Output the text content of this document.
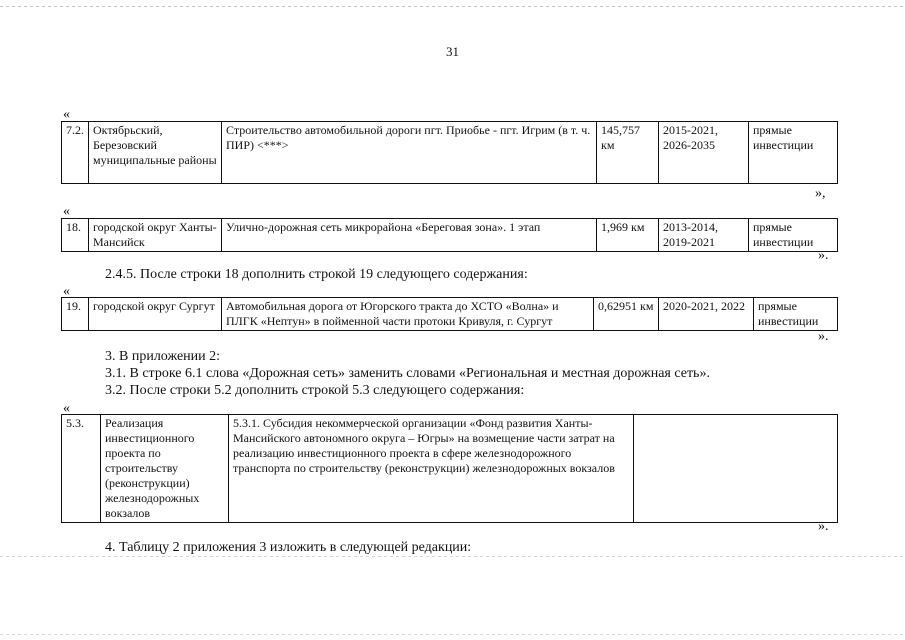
31
«
7.2.	Октябрьский, Березовский муниципальные районы	Строительство автомобильной дороги пгт. Приобье - пгт. Игрим (в т. ч. ПИР) <***>	145,757 км	2015-2021, 2026-2035	прямые инвестиции
»,
«
18.	городской округ Ханты-Мансийск	Улично-дорожная сеть микрорайона «Береговая зона». 1 этап	1,969 км	2013-2014, 2019-2021	прямые инвестиции
».
2.4.5. После строки 18 дополнить строкой 19 следующего содержания:
«
19.	городской округ Сургут	Автомобильная дорога от Югорского тракта до ХСТО «Волна» и ПЛГК «Нептун» в пойменной части протоки Кривуля, г. Сургут	0,62951 км	2020-2021, 2022	прямые инвестиции
».
3. В приложении 2:
3.1. В строке 6.1 слова «Дорожная сеть» заменить словами «Региональная и местная дорожная сеть».
3.2. После строки 5.2 дополнить строкой 5.3 следующего содержания:
«
5.3.	Реализация инвестиционного проекта по строительству (реконструкции) железнодорожных вокзалов	5.3.1. Субсидия некоммерческой организации «Фонд развития Ханты-Мансийского автономного округа – Югры» на возмещение части затрат на реализацию инвестиционного проекта в сфере железнодорожного транспорта по строительству (реконструкции) железнодорожных вокзалов	
».
4. Таблицу 2 приложения 3 изложить в следующей редакции:
